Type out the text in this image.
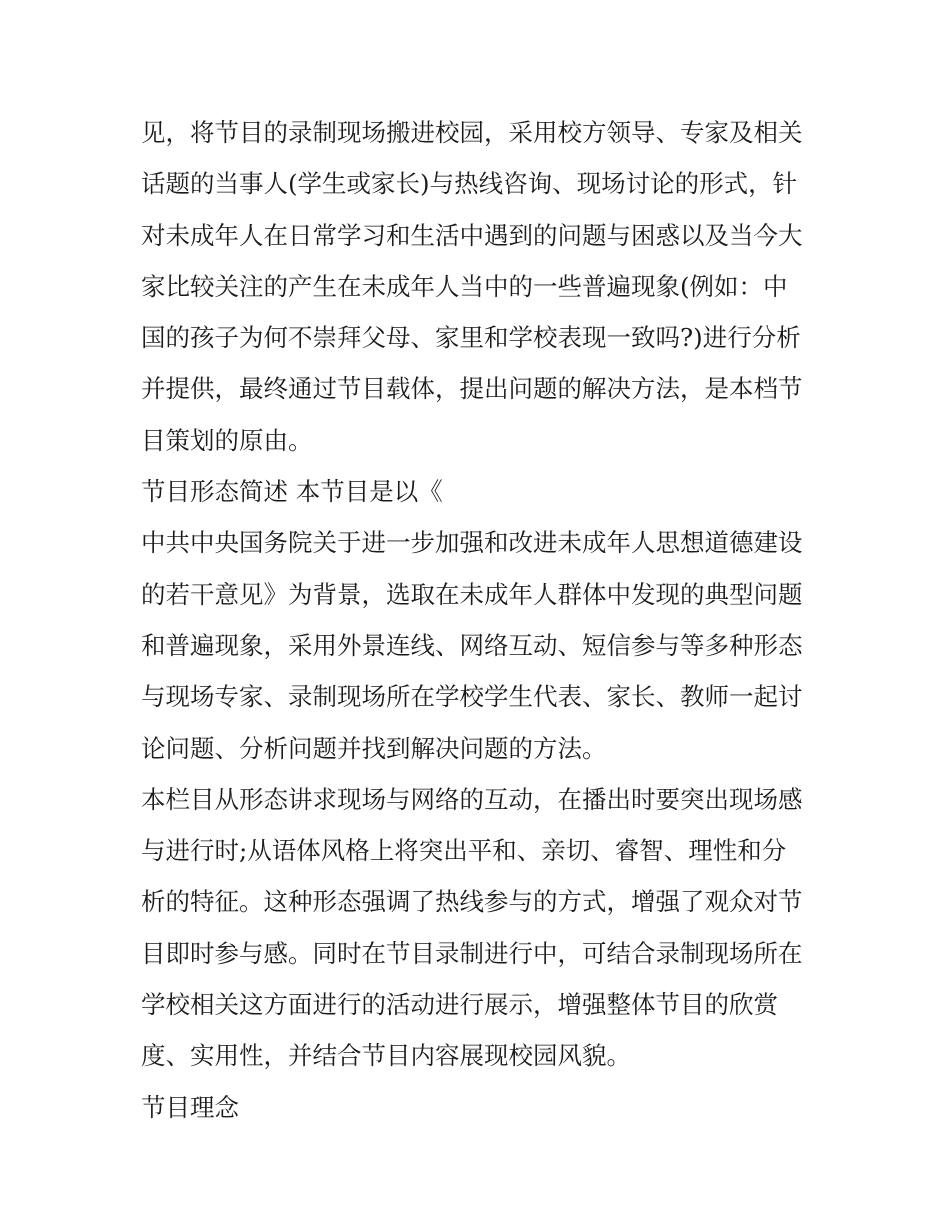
见，将节目的录制现场搬进校园，采用校方领导、专家及相关
话题的当事人(学生或家长)与热线咨询、现场讨论的形式，针
对未成年人在日常学习和生活中遇到的问题与困惑以及当今大
家比较关注的产生在未成年人当中的一些普遍现象(例如：中
国的孩子为何不崇拜父母、家里和学校表现一致吗?)进行分析
并提供，最终通过节目载体，提出问题的解决方法，是本档节
目策划的原由。
节目形态简述 本节目是以《
中共中央国务院关于进一步加强和改进未成年人思想道德建设
的若干意见》为背景，选取在未成年人群体中发现的典型问题
和普遍现象，采用外景连线、网络互动、短信参与等多种形态
与现场专家、录制现场所在学校学生代表、家长、教师一起讨
论问题、分析问题并找到解决问题的方法。
本栏目从形态讲求现场与网络的互动，在播出时要突出现场感
与进行时;从语体风格上将突出平和、亲切、睿智、理性和分
析的特征。这种形态强调了热线参与的方式，增强了观众对节
目即时参与感。同时在节目录制进行中，可结合录制现场所在
学校相关这方面进行的活动进行展示，增强整体节目的欣赏
度、实用性，并结合节目内容展现校园风貌。
节目理念
